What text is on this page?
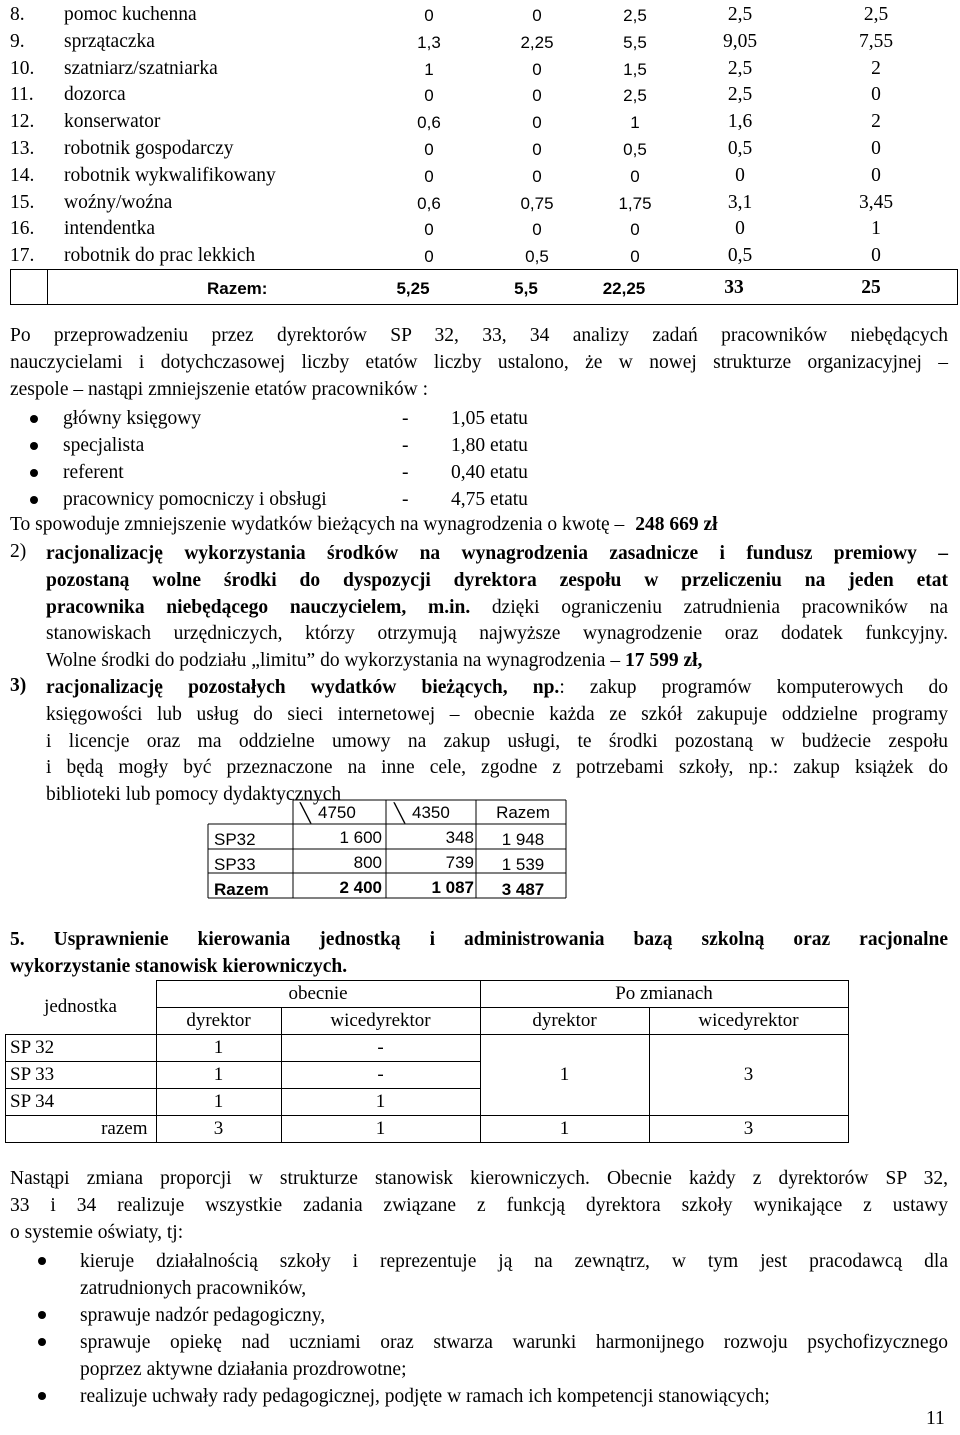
8. pomoc kuchenna	0	0	2,5	2,5	2,5
9. sprzątaczka	1,3	2,25	5,5	9,05	7,55
10. szatniarz/szatniarka	1	0	1,5	2,5	2
11. dozorca	0	0	2,5	2,5	0
12. konserwator	0,6	0	1	1,6	2
13. robotnik gospodarczy	0	0	0,5	0,5	0
14. robotnik wykwalifikowany	0	0	0	0	0
15. woźny/woźna	0,6	0,75	1,75	3,1	3,45
16. intendentka	0	0	0	0	1
17. robotnik do prac lekkich	0	0,5	0	0,5	0
Razem:	5,25	5,5	22,25	33	25
Po przeprowadzeniu przez dyrektorów SP 32, 33, 34 analizy zadań pracowników niebędących
nauczycielami i dotychczasowej liczby etatów liczby ustalono, że w nowej strukturze organizacyjnej –
zespole – nastąpi zmniejszenie etatów pracowników :
główny księgowy	- 1,05 etatu
specjalista	- 1,80 etatu
referent	- 0,40 etatu
pracownicy pomocniczy i obsługi	- 4,75 etatu
To spowoduje zmniejszenie wydatków bieżących na wynagrodzenia o kwotę – 248 669 zł
2) racjonalizację wykorzystania środków na wynagrodzenia zasadnicze i fundusz premiowy –
pozostaną wolne środki do dyspozycji dyrektora zespołu w przeliczeniu na jeden etat
pracownika niebędącego nauczycielem, m.in. dzięki ograniczeniu zatrudnienia pracowników na
stanowiskach urzędniczych, którzy otrzymują najwyższe wynagrodzenie oraz dodatek funkcyjny.
Wolne środki do podziału „limitu” do wykorzystania na wynagrodzenia – 17 599 zł,
3) racjonalizację pozostałych wydatków bieżących, np.: zakup programów komputerowych do
księgowości lub usług do sieci internetowej – obecnie każda ze szkół zakupuje oddzielne programy
i licencje oraz ma oddzielne umowy na zakup usługi, te środki pozostaną w budżecie zespołu
i będą mogły być przeznaczone na inne cele, zgodne z potrzebami szkoły, np.: zakup książek do
biblioteki lub pomocy dydaktycznych
╲	╲
4750	4350	Razem
SP32	1 600	348	1 948
SP33	800	739	1 539
Razem	2 400	1 087	3 487
5. Usprawnienie kierowania jednostką i administrowania bazą szkolną oraz racjonalne
wykorzystanie stanowisk kierowniczych.
jednostka	obecnie		Po zmianach	
	dyrektor	wicedyrektor	dyrektor	wicedyrektor
SP 32	1	-	1	3
SP 33	1	-		
SP 34	1	1		
razem	3	1	1	3
Nastąpi zmiana proporcji w strukturze stanowisk kierowniczych. Obecnie każdy z dyrektorów SP 32,
33 i 34 realizuje wszystkie zadania związane z funkcją dyrektora szkoły wynikające z ustawy
o systemie oświaty, tj:
kieruje działalnością szkoły i reprezentuje ją na zewnątrz, w tym jest pracodawcą dla
zatrudnionych pracowników,
sprawuje nadzór pedagogiczny,
sprawuje opiekę nad uczniami oraz stwarza warunki harmonijnego rozwoju psychofizycznego
poprzez aktywne działania prozdrowotne;
realizuje uchwały rady pedagogicznej, podjęte w ramach ich kompetencji stanowiących;
11
